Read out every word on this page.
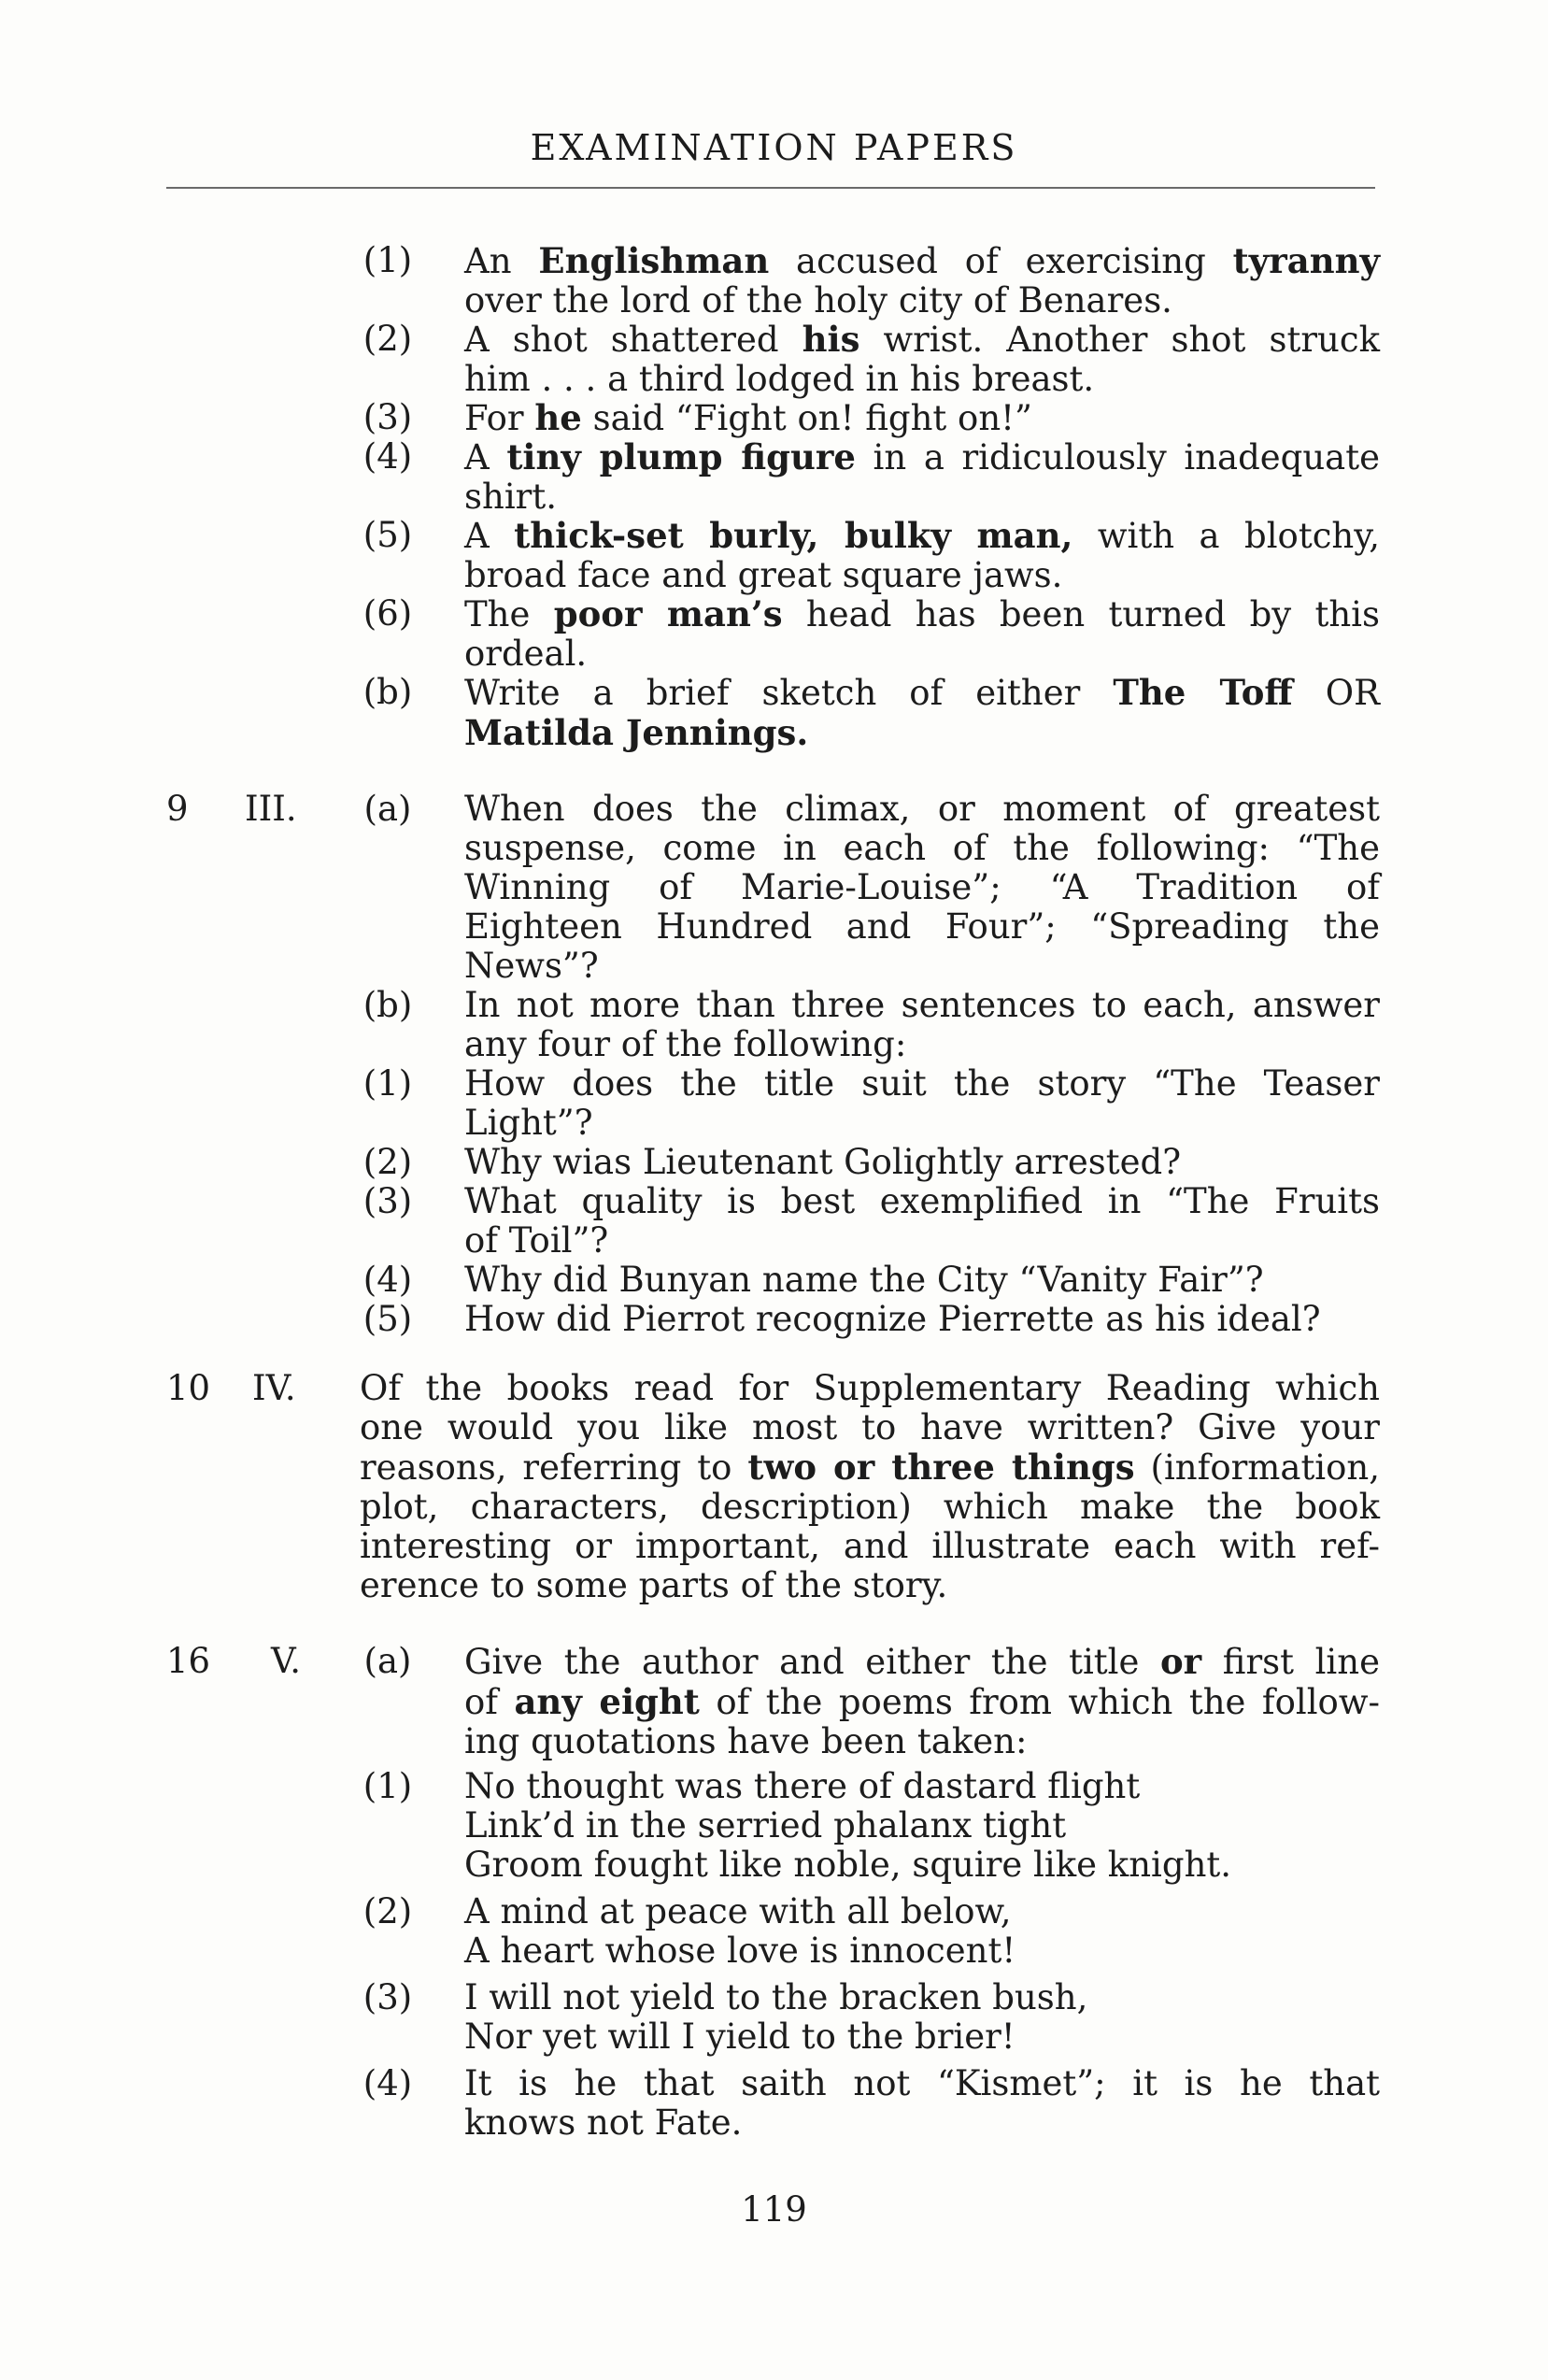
EXAMINATION PAPERS
(1) An Englishman accused of exercising tyranny
over the lord of the holy city of Benares.
(2) A shot shattered his wrist. Another shot struck
him . . . a third lodged in his breast.
(3) For he said “Fight on! fight on!”
(4) A tiny plump figure in a ridiculously inadequate
shirt.
(5) A thick-set burly, bulky man, with a blotchy,
broad face and great square jaws.
(6) The poor man’s head has been turned by this
ordeal.
(b) Write a brief sketch of either The Toff OR
Matilda Jennings.
9 III. (a) When does the climax, or moment of greatest
suspense, come in each of the following: “The
Winning of Marie-Louise”; “A Tradition of
Eighteen Hundred and Four”; “Spreading the
News”?
(b) In not more than three sentences to each, answer
any four of the following:
(1) How does the title suit the story “The Teaser
Light”?
(2) Why wias Lieutenant Golightly arrested?
(3) What quality is best exemplified in “The Fruits
of Toil”?
(4) Why did Bunyan name the City “Vanity Fair”?
(5) How did Pierrot recognize Pierrette as his ideal?
10 IV. Of the books read for Supplementary Reading which
one would you like most to have written? Give your
reasons, referring to two or three things (information,
plot, characters, description) which make the book
interesting or important, and illustrate each with ref-
erence to some parts of the story.
16 V. (a) Give the author and either the title or first line
of any eight of the poems from which the follow-
ing quotations have been taken:
(1) No thought was there of dastard flight
Link’d in the serried phalanx tight
Groom fought like noble, squire like knight.
(2) A mind at peace with all below,
A heart whose love is innocent!
(3) I will not yield to the bracken bush,
Nor yet will I yield to the brier!
(4) It is he that saith not “Kismet”; it is he that
knows not Fate.
119
